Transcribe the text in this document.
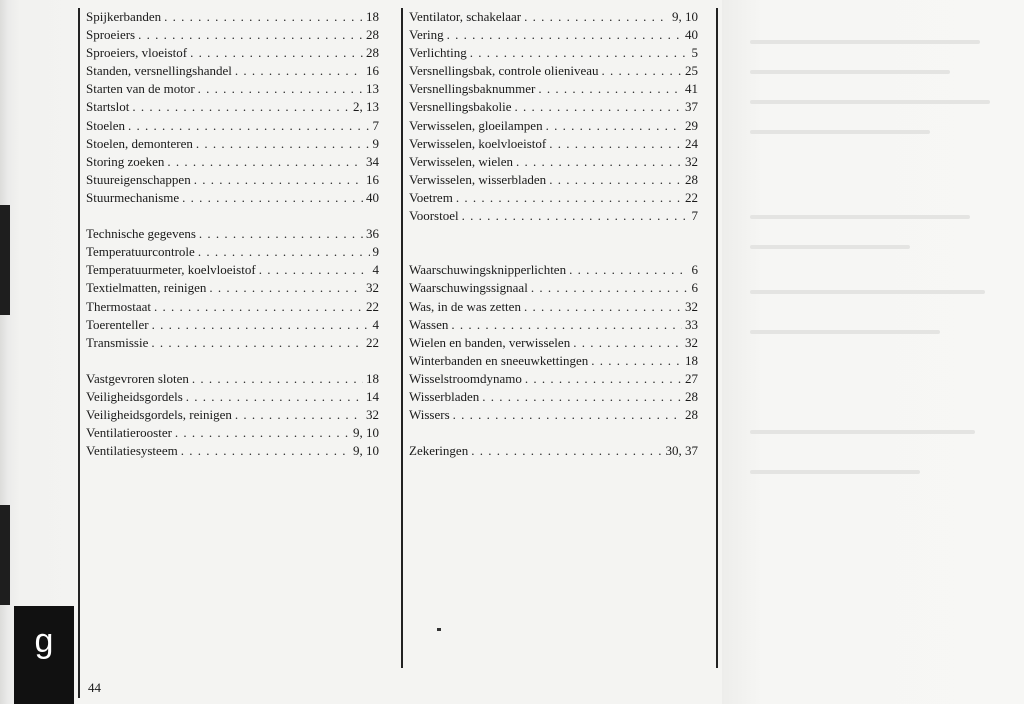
g
44
Spijkerbanden . . .	18
Sproeiers . . .	28
Sproeiers, vloeistof . . .	28
Standen, versnellingshandel . . .	16
Starten van de motor . . .	13
Startslot . . .	2, 13
Stoelen . . .	7
Stoelen, demonteren . . .	9
Storing zoeken . . .	34
Stuureigenschappen . . .	16
Stuurmechanisme . . .	40
Technische gegevens . . .	36
Temperatuurcontrole . . .	9
Temperatuurmeter, koelvloeistof . . .	4
Textielmatten, reinigen . . .	32
Thermostaat . . .	22
Toerenteller . . .	4
Transmissie . . .	22
Vastgevroren sloten . . .	18
Veiligheidsgordels . . .	14
Veiligheidsgordels, reinigen . . .	32
Ventilatierooster . . .	9, 10
Ventilatiesysteem . . .	9, 10
Ventilator, schakelaar . . .	9, 10
Vering . . .	40
Verlichting . . .	5
Versnellingsbak, controle olieniveau . . .	25
Versnellingsbaknummer . . .	41
Versnellingsbakolie . . .	37
Verwisselen, gloeilampen . . .	29
Verwisselen, koelvloeistof . . .	24
Verwisselen, wielen . . .	32
Verwisselen, wisserbladen . . .	28
Voetrem . . .	22
Voorstoel . . .	7
Waarschuwingsknipperlichten . . .	6
Waarschuwingssignaal . . .	6
Was, in de was zetten . . .	32
Wassen . . .	33
Wielen en banden, verwisselen . . .	32
Winterbanden en sneeuwkettingen . . .	18
Wisselstroomdynamo . . .	27
Wisserbladen . . .	28
Wissers . . .	28
Zekeringen . . .	30, 37
